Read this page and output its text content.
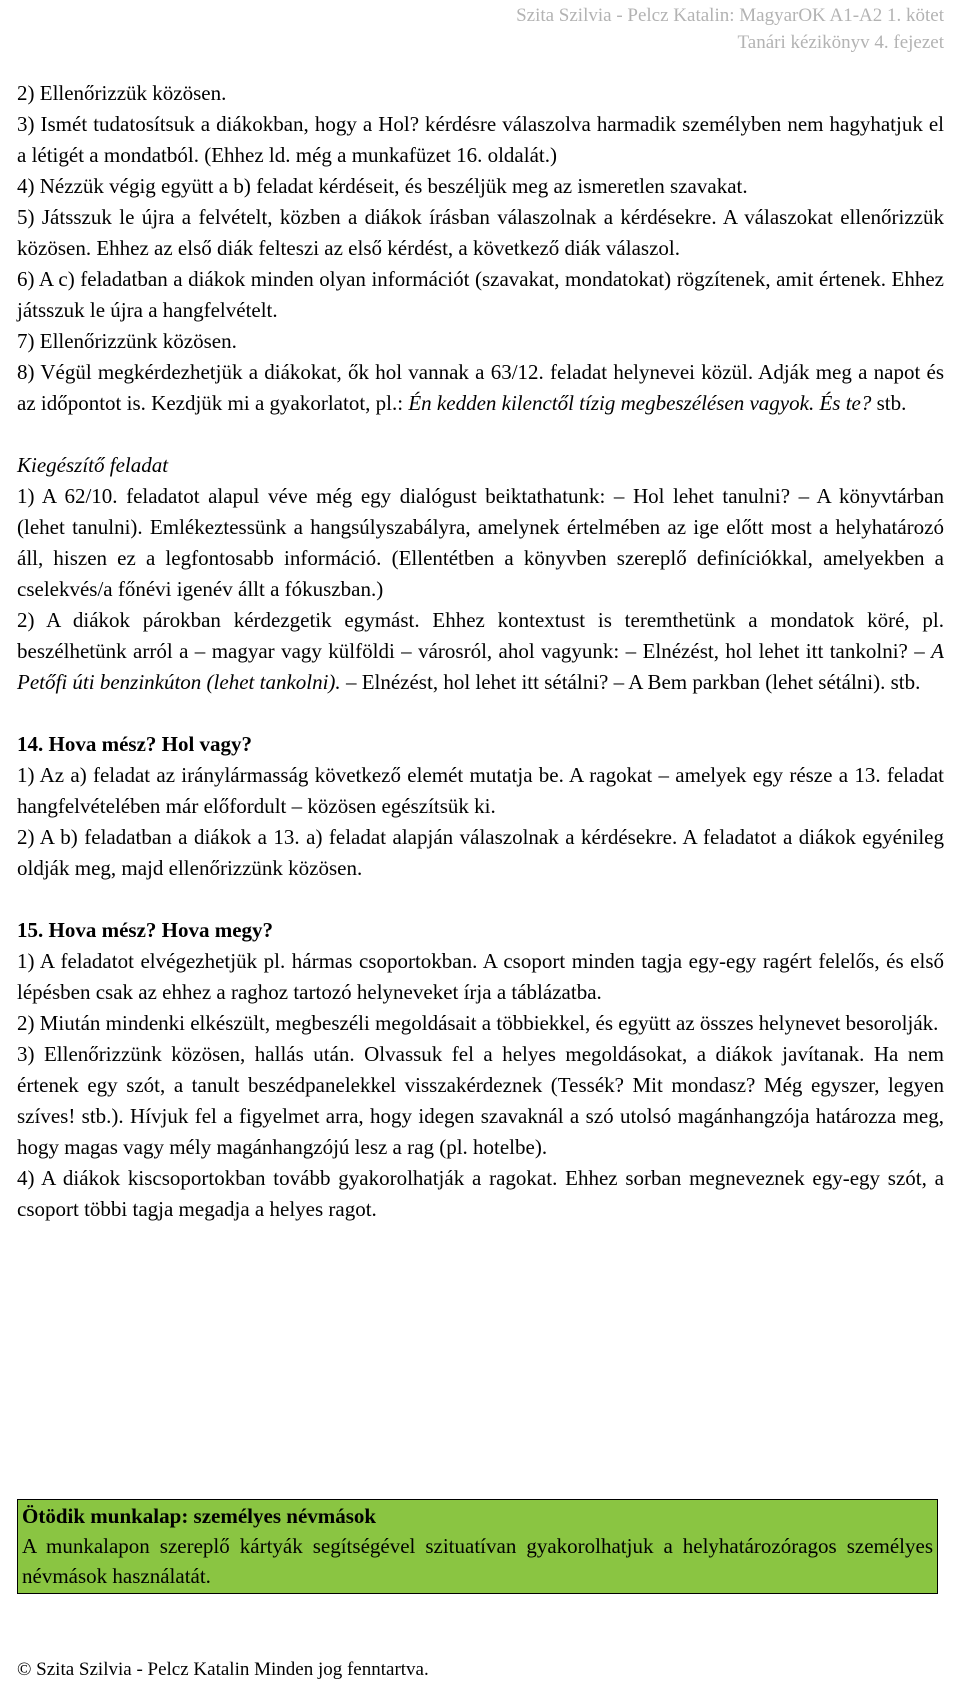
Szita Szilvia - Pelcz Katalin: MagyarOK A1-A2 1. kötet
Tanári kézikönyv 4. fejezet

2) Ellenőrizzük közösen.

3) Ismét tudatosítsuk a diákokban, hogy a Hol? kérdésre válaszolva harmadik személyben nem hagyhatjuk el a létigét a mondatból. (Ehhez ld. még a munkafüzet 16. oldalát.)

4) Nézzük végig együtt a b) feladat kérdéseit, és beszéljük meg az ismeretlen szavakat.

5) Játsszuk le újra a felvételt, közben a diákok írásban válaszolnak a kérdésekre. A válaszokat ellenőrizzük közösen. Ehhez az első diák felteszi az első kérdést, a következő diák válaszol.

6) A c) feladatban a diákok minden olyan információt (szavakat, mondatokat) rögzítenek, amit értenek. Ehhez játsszuk le újra a hangfelvételt.

7) Ellenőrizzünk közösen.

8) Végül megkérdezhetjük a diákokat, ők hol vannak a 63/12. feladat helynevei közül. Adják meg a napot és az időpontot is. Kezdjük mi a gyakorlatot, pl.: Én kedden kilenctől tízig megbeszélésen vagyok. És te? stb.

Kiegészítő feladat

1) A 62/10. feladatot alapul véve még egy dialógust beiktathatunk: – Hol lehet tanulni? – A könyvtárban (lehet tanulni). Emlékeztessünk a hangsúlyszabályra, amelynek értelmében az ige előtt most a helyhatározó áll, hiszen ez a legfontosabb információ. (Ellentétben a könyvben szereplő definíciókkal, amelyekben a cselekvés/a főnévi igenév állt a fókuszban.)

2) A diákok párokban kérdezgetik egymást. Ehhez kontextust is teremthetünk a mondatok köré, pl. beszélhetünk arról a – magyar vagy külföldi – városról, ahol vagyunk: – Elnézést, hol lehet itt tankolni? – A Petőfi úti benzinkúton (lehet tankolni). – Elnézést, hol lehet itt sétálni? – A Bem parkban (lehet sétálni). stb.

14. Hova mész? Hol vagy?

1) Az a) feladat az iránylármasság következő elemét mutatja be. A ragokat – amelyek egy része a 13. feladat hangfelvételében már előfordult – közösen egészítsük ki.

2) A b) feladatban a diákok a 13. a) feladat alapján válaszolnak a kérdésekre. A feladatot a diákok egyénileg oldják meg, majd ellenőrizzünk közösen.

15. Hova mész? Hova megy?

1) A feladatot elvégezhetjük pl. hármas csoportokban. A csoport minden tagja egy-egy ragért felelős, és első lépésben csak az ehhez a raghoz tartozó helyneveket írja a táblázatba.

2) Miután mindenki elkészült, megbeszéli megoldásait a többiekkel, és együtt az összes helynevet besorolják.

3) Ellenőrizzünk közösen, hallás után. Olvassuk fel a helyes megoldásokat, a diákok javítanak. Ha nem értenek egy szót, a tanult beszédpanelekkel visszakérdeznek (Tessék? Mit mondasz? Még egyszer, legyen szíves! stb.). Hívjuk fel a figyelmet arra, hogy idegen szavaknál a szó utolsó magánhangzója határozza meg, hogy magas vagy mély magánhangzójú lesz a rag (pl. hotelbe).

4) A diákok kiscsoportokban tovább gyakorolhatják a ragokat. Ehhez sorban megneveznek egy-egy szót, a csoport többi tagja megadja a helyes ragot.

Ötödik munkalap: személyes névmások

A munkalapon szereplő kártyák segítségével szituatívan gyakorolhatjuk a helyhatározóragos személyes névmások használatát.

© Szita Szilvia - Pelcz Katalin Minden jog fenntartva.
